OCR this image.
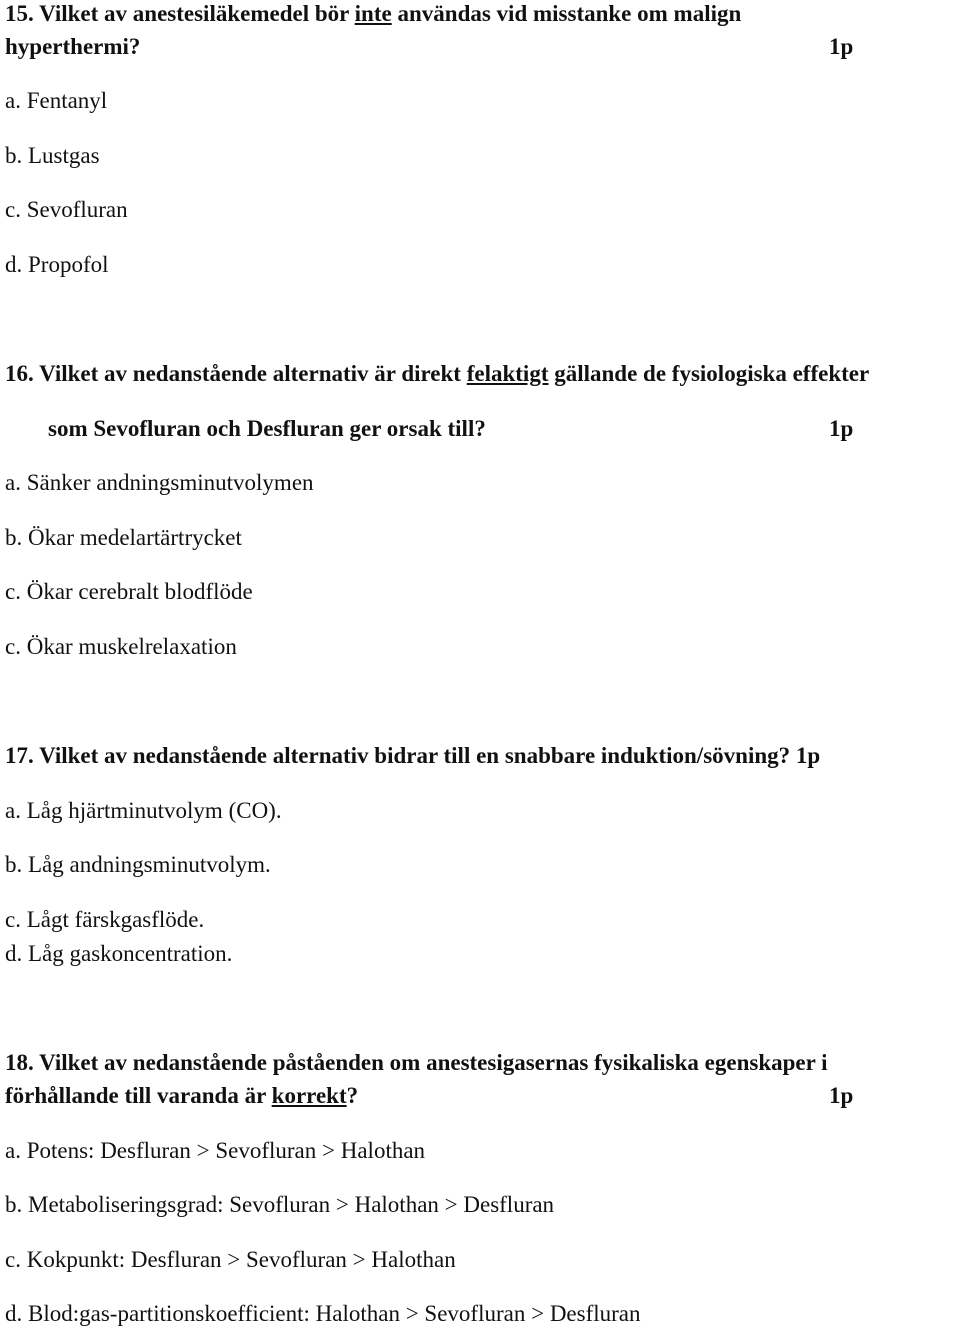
15. Vilket av anestesiläkemedel bör inte användas vid misstanke om malign
hyperthermi?	1p
a. Fentanyl
b. Lustgas
c. Sevofluran
d. Propofol
16. Vilket av nedanstående alternativ är direkt felaktigt gällande de fysiologiska effekter
som Sevofluran och Desfluran ger orsak till?	1p
a. Sänker andningsminutvolymen
b. Ökar medelartärtrycket
c. Ökar cerebralt blodflöde
c. Ökar muskelrelaxation
17. Vilket av nedanstående alternativ bidrar till en snabbare induktion/sövning? 1p
a. Låg hjärtminutvolym (CO).
b. Låg andningsminutvolym.
c. Lågt färskgasflöde.
d. Låg gaskoncentration.
18. Vilket av nedanstående påståenden om anestesigasernas fysikaliska egenskaper i
förhållande till varanda är korrekt?	1p
a. Potens: Desfluran > Sevofluran > Halothan
b. Metaboliseringsgrad: Sevofluran > Halothan > Desfluran
c. Kokpunkt: Desfluran > Sevofluran > Halothan
d. Blod:gas-partitionskoefficient: Halothan > Sevofluran > Desfluran
